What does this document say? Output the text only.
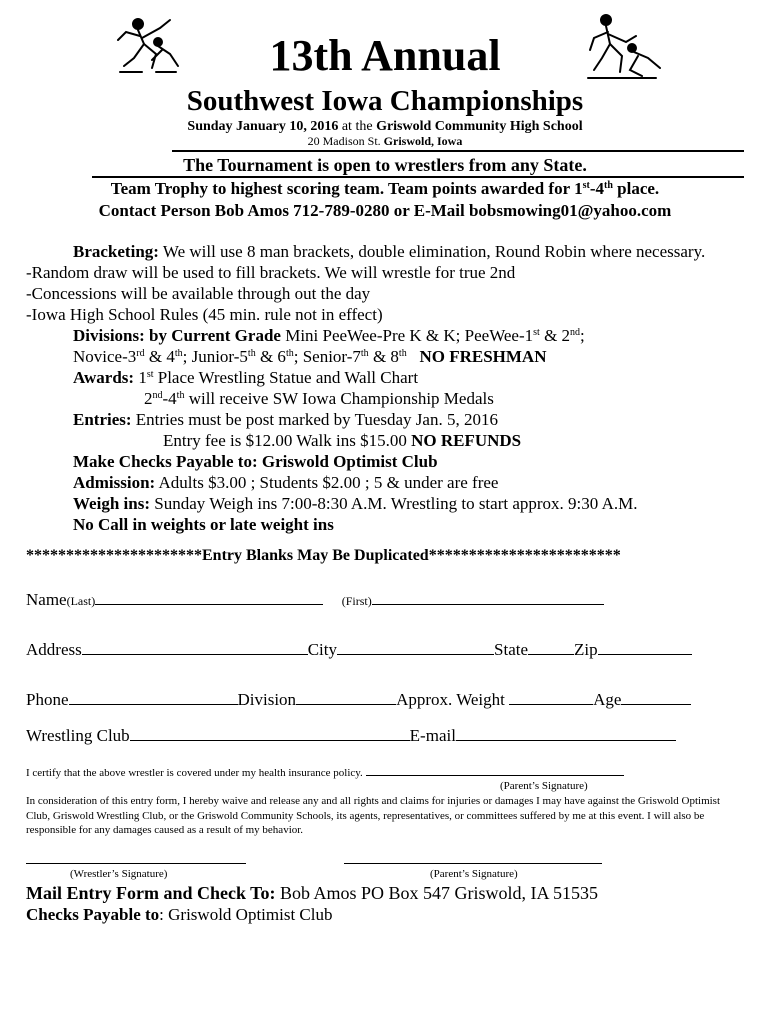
13th Annual
Southwest Iowa Championships
Sunday January 10, 2016 at the Griswold Community High School
20 Madison St. Griswold, Iowa
The Tournament is open to wrestlers from any State.
Team Trophy to highest scoring team. Team points awarded for 1st-4th place.
Contact Person Bob Amos 712-789-0280 or E-Mail bobsmowing01@yahoo.com
Bracketing: We will use 8 man brackets, double elimination, Round Robin where necessary.
-Random draw will be used to fill brackets. We will wrestle for true 2nd
-Concessions will be available through out the day
-Iowa High School Rules (45 min. rule not in effect)
Divisions: by Current Grade Mini PeeWee-Pre K & K; PeeWee-1st & 2nd;
Novice-3rd & 4th; Junior-5th & 6th; Senior-7th & 8th NO FRESHMAN
Awards: 1st Place Wrestling Statue and Wall Chart
2nd-4th will receive SW Iowa Championship Medals
Entries: Entries must be post marked by Tuesday Jan. 5, 2016
Entry fee is $12.00 Walk ins $15.00 NO REFUNDS
Make Checks Payable to: Griswold Optimist Club
Admission: Adults $3.00 ; Students $2.00 ; 5 & under are free
Weigh ins: Sunday Weigh ins 7:00-8:30 A.M. Wrestling to start approx. 9:30 A.M.
No Call in weights or late weight ins
**********************Entry Blanks May Be Duplicated************************
Name(Last)	(First)
Address	City	State	Zip
Phone	Division	Approx. Weight	Age
Wrestling Club	E-mail
I certify that the above wrestler is covered under my health insurance policy.
(Parent’s Signature)
In consideration of this entry form, I hereby waive and release any and all rights and claims for injuries or damages I may have against the Griswold Optimist Club, Griswold Wrestling Club, or the Griswold Community Schools, its agents, representatives, or committees suffered by me at this event. I will also be responsible for any damages caused as a result of my behavior.
(Wrestler’s Signature)	(Parent’s Signature)
Mail Entry Form and Check To: Bob Amos PO Box 547 Griswold, IA 51535
Checks Payable to: Griswold Optimist Club
